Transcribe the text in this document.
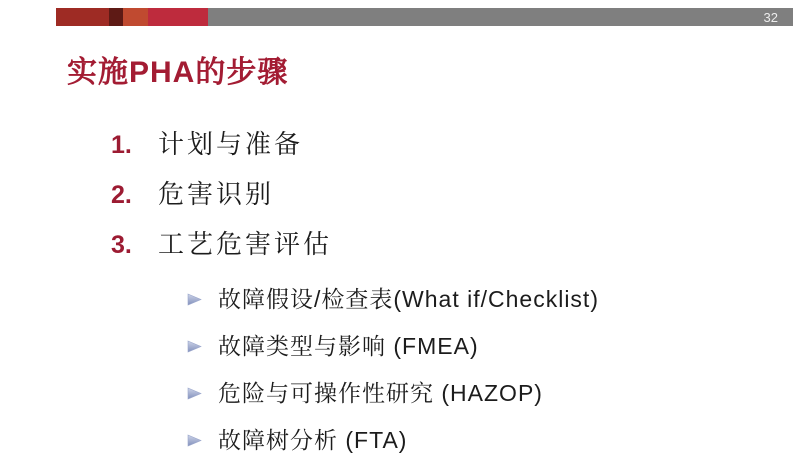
32
实施PHA的步骤
1.	计划与准备
2.	危害识别
3.	工艺危害评估
故障假设/检查表(What if/Checklist)
故障类型与影响 (FMEA)
危险与可操作性研究 (HAZOP)
故障树分析 (FTA)
